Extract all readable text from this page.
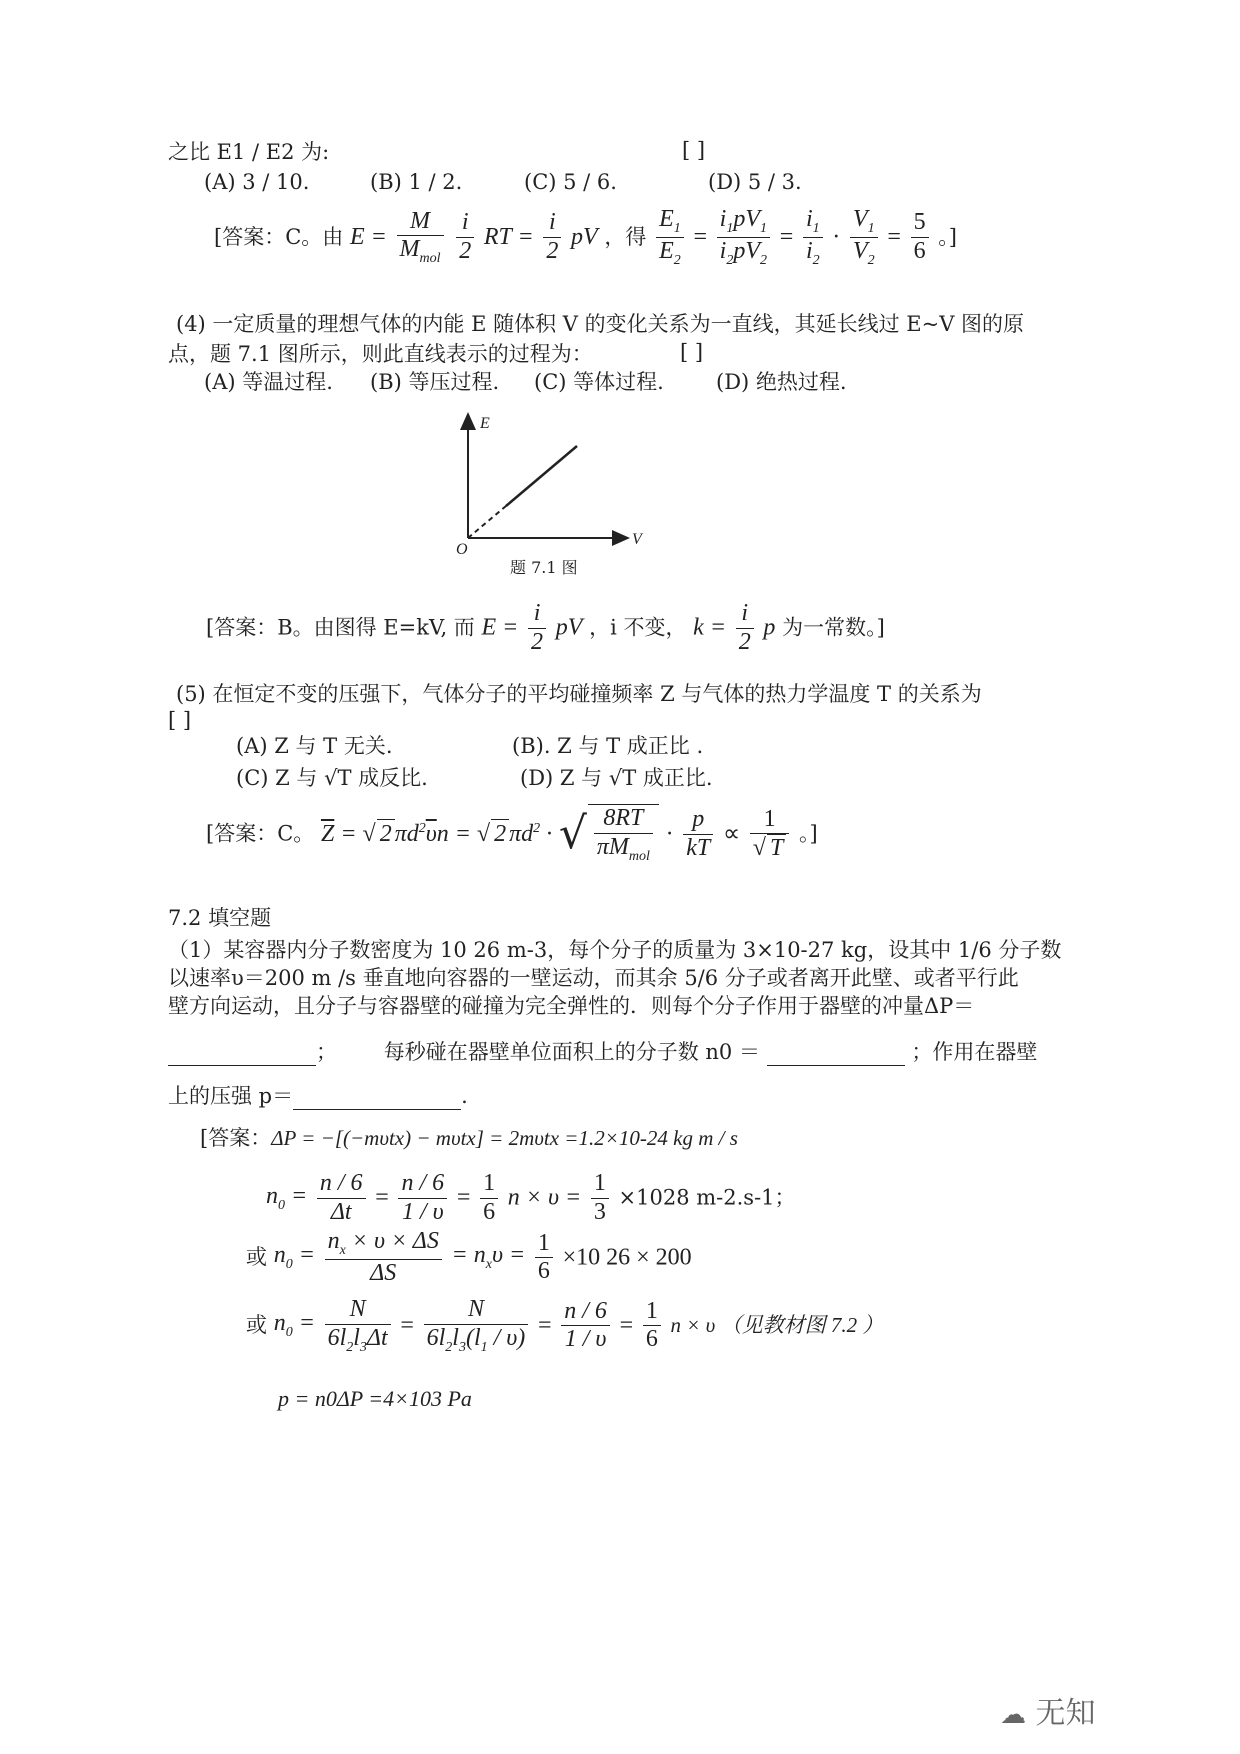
之比 E1 / E2 为:	[ ]
(A) 3 / 10.	(B) 1 / 2.	(C) 5 / 6.	(D) 5 / 3.
[答案：C。由 $E = \frac{M}{M_{mol}}$
$\frac{i}{2}$ RT = $\frac{i}{2}$ pV ，得 $\frac{E_1}{E_2} = \frac{i_1pV_1}{i_2pV_2} = \frac{i_1}{i_2} \cdot \frac{V_1}{V_2} = \frac{5}{6}$ 。]
(4) 一定质量的理想气体的内能 E 随体积 V 的变化关系为一直线，其延长线过 E~V 图的原
点，题 7.1 图所示，则此直线表示的过程为：	[ ]
(A) 等温过程. (B) 等压过程. (C) 等体过程. (D) 绝热过程.
E
V
O
题 7.1 图
[答案：B。由图得 E=kV, 而 $E = \frac{i}{2}$ pV ，i 不变， $k = \frac{i}{2}$ p 为一常数。]
(5) 在恒定不变的压强下，气体分子的平均碰撞频率 Z 与气体的热力学温度 T 的关系为
[ ]
(A) Z 与 T 无关.	(B). Z 与 T 成正比 .
(C) Z 与 √T 成反比.	(D) Z 与 √T 成正比.
[答案：C。 $\overline{Z}$ = √ 2 $\pi d^2\overline{\upsilon}n$ = √ 2 $\pi d^2$ · √ $\frac{8RT}{\pi M_{mol}} \cdot \frac{p}{kT} \propto \frac{1}{√ T}$ 。]
7.2 填空题
（1）某容器内分子数密度为 10 26 m-3，每个分子的质量为 3×10-27 kg，设其中 1/6 分子数
以速率υ＝200 m /s 垂直地向容器的一壁运动，而其余 5/6 分子或者离开此壁、或者平行此
壁方向运动，且分子与容器壁的碰撞为完全弹性的．则每个分子作用于器壁的冲量ΔP＝
；       每秒碰在器壁单位面积上的分子数 n0 ＝	；作用在器壁
上的压强 p＝	.
[答案：ΔP = −[(−mυtx) − mυtx] = 2mυtx =1.2×10-24 kg m / s
$n_0 = \frac{n / 6}{\Delta t} = \frac{n / 6}{1 / \upsilon} = \frac{1}{6}$ $n \times \upsilon = \frac{1}{3} \times 1028$ m-2.s-1；
或 $n_0 = \frac{n_x \times \upsilon \times \Delta S}{\Delta S} = n_x\upsilon = \frac{1}{6} \times 10$ 26 × 200
或 $n_0 = \frac{N}{6l_2l_3\Delta t} = \frac{N}{6l_2l_3(l_1 / \upsilon)} = \frac{n / 6}{1 / \upsilon} = \frac{1}{6}$ n × υ （见教材图 7.2 ）
p = n0ΔP =4×103 Pa
☁ 无知
